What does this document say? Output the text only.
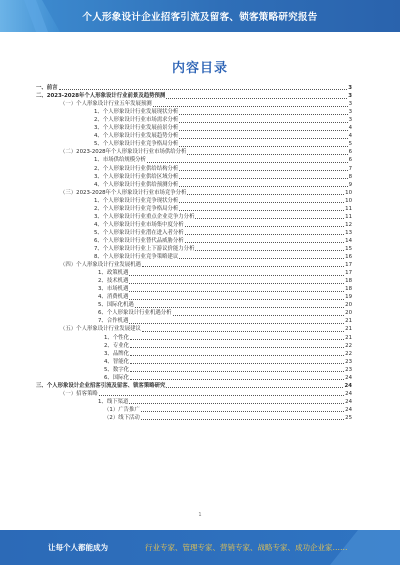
个人形象设计企业招客引流及留客、锁客策略研究报告
内容目录
一、前言	3
二、2023-2028年个人形象设计行业前景及趋势预测	3
（一）个人形象设计行业五年发展预测	3
1、个人形象设计行业发展现状分析	3
2、个人形象设计行业市场需求分析	3
3、个人形象设计行业发展前景分析	4
4、个人形象设计行业发展趋势分析	4
5、个人形象设计行业竞争格局分析	5
（二）2023-2028年个人形象设计行业市场供给分析	6
1、市场供给规模分析	6
2、个人形象设计行业供给结构分析	7
3、个人形象设计行业供给区域分析	8
4、个人形象设计行业供给预测分析	9
（三）2023-2028年个人形象设计行业市场竞争分析	10
1、个人形象设计行业竞争现状分析	10
2、个人形象设计行业竞争格局分析	11
3、个人形象设计行业重点企业竞争力分析	11
4、个人形象设计行业市场集中度分析	12
5、个人形象设计行业潜在进入者分析	13
6、个人形象设计行业替代品威胁分析	14
7、个人形象设计行业上下游议价能力分析	15
8、个人形象设计行业竞争策略建议	16
（四）个人形象设计行业发展机遇	17
1、政策机遇	17
2、技术机遇	18
3、市场机遇	18
4、消费机遇	19
5、国际化机遇	20
6、个人形象设计行业机遇分析	20
7、合作机遇	21
（五）个人形象设计行业发展建议	21
1、个性化	21
2、专业化	22
3、品牌化	22
4、智能化	23
5、数字化	23
6、国际化	24
三、个人形象设计企业招客引流及留客、锁客策略研究	24
（一）招客策略	24
1、线下渠道	24
（1）广告推广	24
（2）线下活动	25
1
让每个人都能成为	行业专家、管理专家、营销专家、战略专家、成功企业家……
